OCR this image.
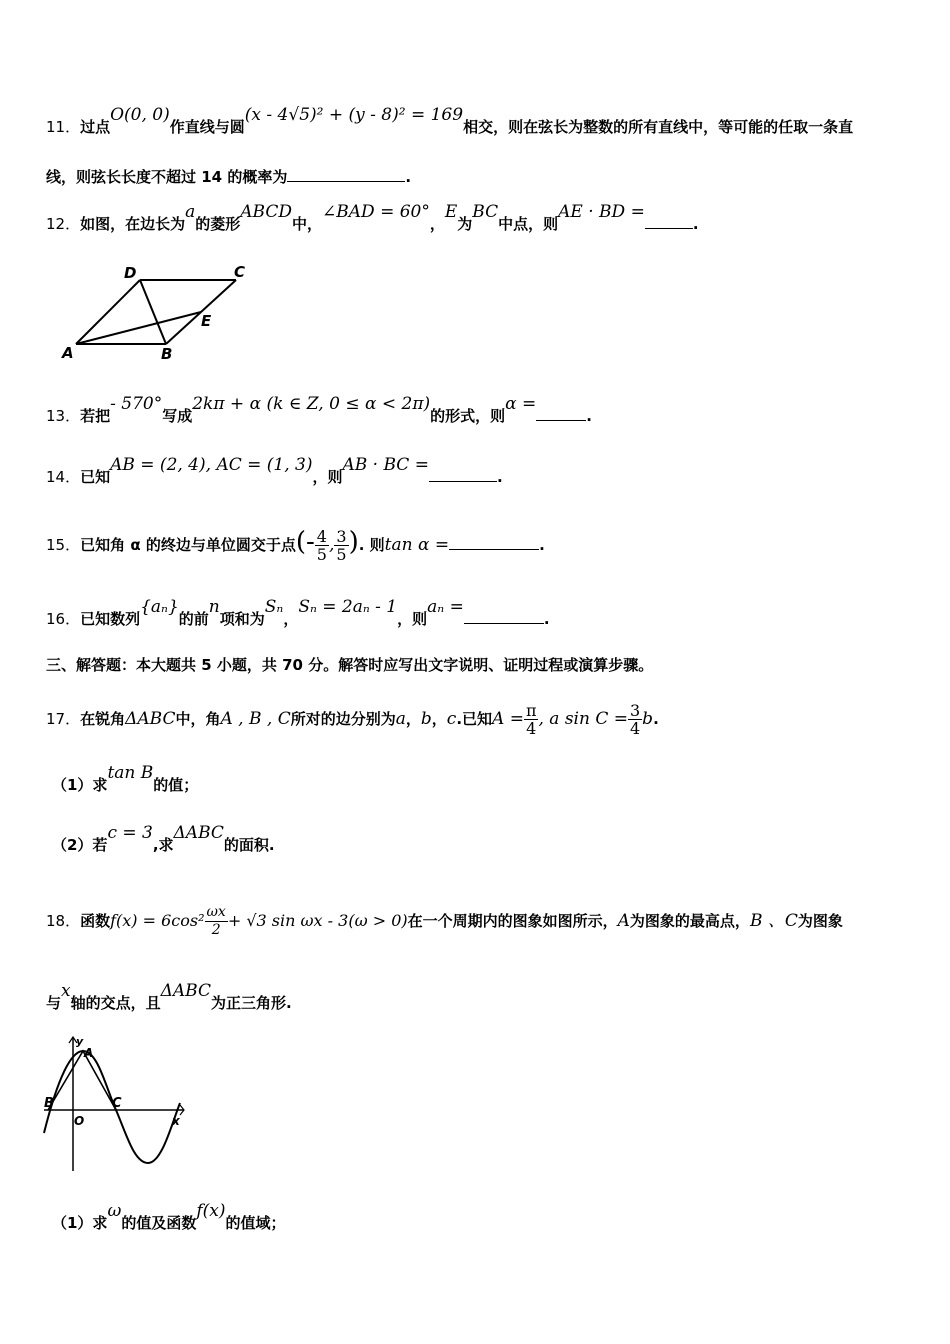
11．过点O(0, 0)作直线与圆(x - 4√5)² + (y - 8)² = 169相交，则在弦长为整数的所有直线中，等可能的任取一条直
线，则弦长长度不超过 14 的概率为	.
12．如图，在边长为a的菱形ABCD中，∠BAD = 60°，E为BC中点，则AE · BD =.
A	B
C
D
E
13．若把- 570°写成2kπ + α (k ∈ Z, 0 ≤ α < 2π)的形式，则α =.
14．已知AB = (2, 4), AC = (1, 3)，则AB · BC =.
15．已知角 α 的终边与单位圆交于点(- $\frac{4}{5}$ , $\frac{3}{5}$ ). 则tan α =	.
16．已知数列{aₙ}的前n项和为Sₙ，Sₙ = 2aₙ - 1，则aₙ =.
三、解答题：本大题共 5 小题，共 70 分。解答时应写出文字说明、证明过程或演算步骤。
17．在锐角ΔABC中，角A , B , C所对的边分别为a，b，c.已知$A = \frac{\pi}{4}$ , a $\sin C = \frac{3}{4} b$.
（1）求tan B的值；
（2）若c = 3,求ΔABC的面积.
18．函数$f(x) = 6\cos^2 \frac{\omega x}{2} + √3$ sin ωx - 3(ω > 0)在一个周期内的图象如图所示，A为图象的最高点，B 、C为图象
与x轴的交点，且ΔABC为正三角形.
y
A
B	C
O	x
（1）求ω的值及函数f(x)的值域；
